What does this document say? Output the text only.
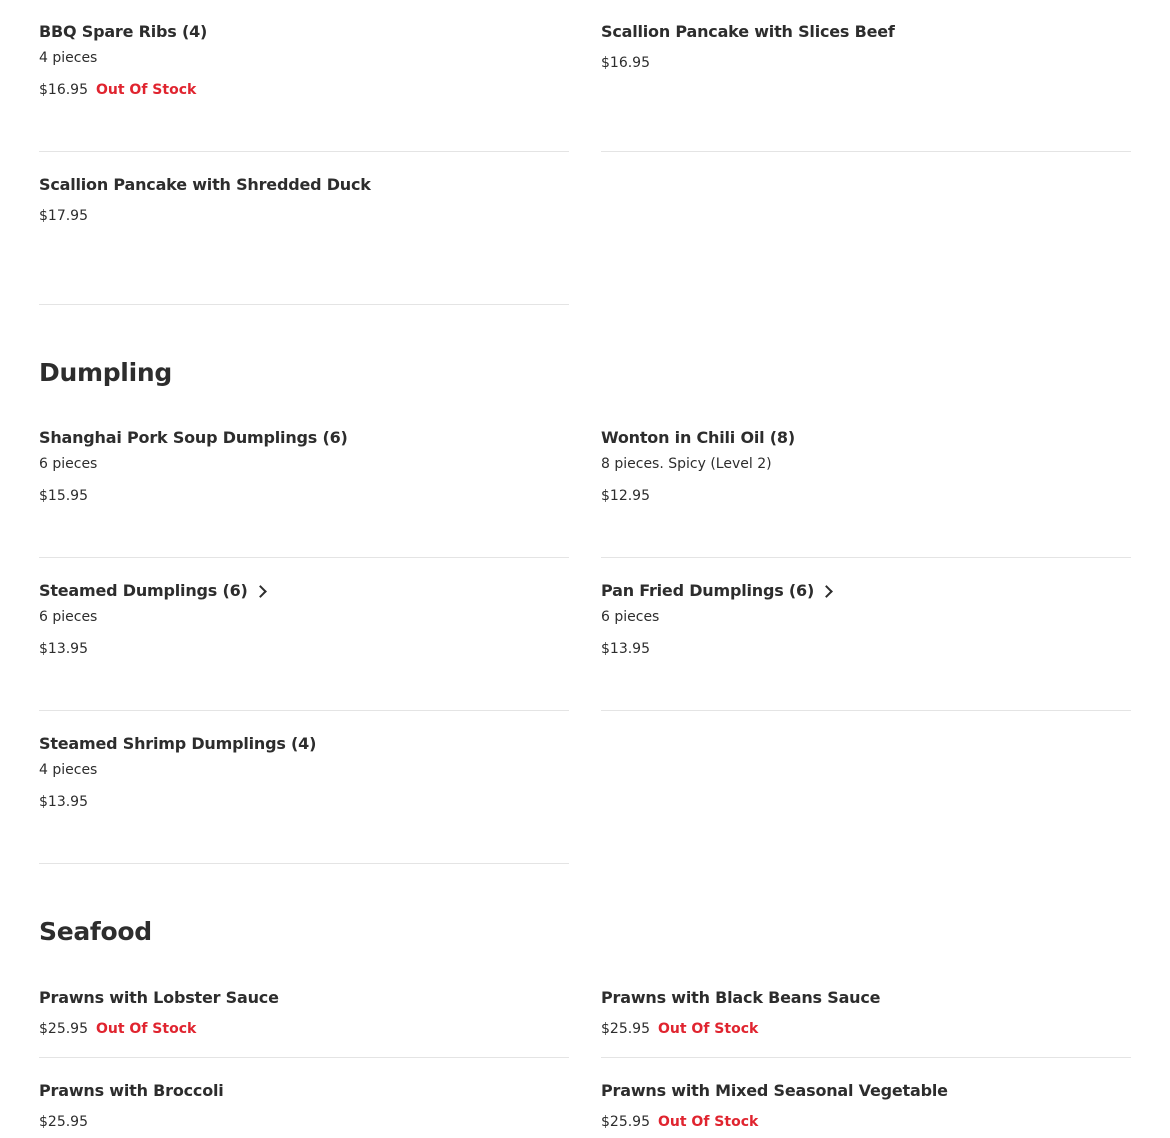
BBQ Spare Ribs (4)
4 pieces
$16.95 Out Of Stock
Scallion Pancake with Slices Beef
$16.95
Scallion Pancake with Shredded Duck
$17.95
Dumpling
Shanghai Pork Soup Dumplings (6)
6 pieces
$15.95
Wonton in Chili Oil (8)
8 pieces. Spicy (Level 2)
$12.95
Steamed Dumplings (6)
6 pieces
$13.95
Pan Fried Dumplings (6)
6 pieces
$13.95
Steamed Shrimp Dumplings (4)
4 pieces
$13.95
Seafood
Prawns with Lobster Sauce
$25.95 Out Of Stock
Prawns with Black Beans Sauce
$25.95 Out Of Stock
Prawns with Broccoli
$25.95
Prawns with Mixed Seasonal Vegetable
$25.95 Out Of Stock
